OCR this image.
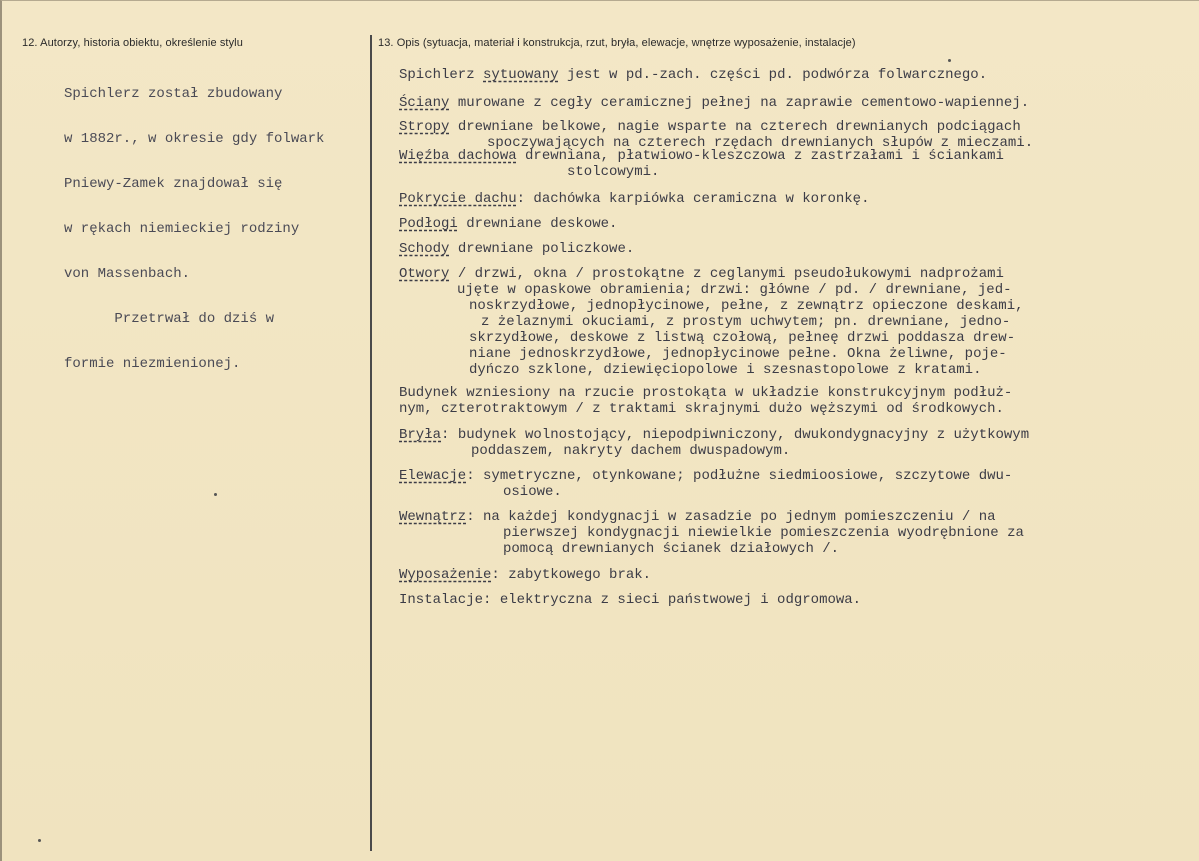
12. Autorzy, historia obiektu, określenie stylu	13. Opis (sytuacja, materiał i konstrukcja, rzut, bryła, elewacje, wnętrze wyposażenie, instalacje)

Spichlerz został zbudowany

w 1882r., w okresie gdy folwark

Pniewy-Zamek znajdował się

w rękach niemieckiej rodziny

von Massenbach.

Przetrwał do dziś w

formie niezmienionej.

Spichlerz sytuowany jest w pd.-zach. części pd. podwórza folwarcznego.
Ściany murowane z cegły ceramicznej pełnej na zaprawie cementowo-wapiennej.
Stropy drewniane belkowe, nagie wsparte na czterech drewnianych podciągach
spoczywających na czterech rzędach drewnianych słupów z mieczami.
Więźba dachowa drewniana, płatwiowo-kleszczowa z zastrzałami i ściankami
stolcowymi.
Pokrycie dachu: dachówka karpiówka ceramiczna w koronkę.
Podłogi drewniane deskowe.
Schody drewniane policzkowe.
Otwory / drzwi, okna / prostokątne z ceglanymi pseudołukowymi nadprożami
ujęte w opaskowe obramienia; drzwi: główne / pd. / drewniane, jed-
noskrzydłowe, jednopłycinowe, pełne, z zewnątrz opieczone deskami,
z żelaznymi okuciami, z prostym uchwytem; pn. drewniane, jedno-
skrzydłowe, deskowe z listwą czołową, pełneę drzwi poddasza drew-
niane jednoskrzydłowe, jednopłycinowe pełne. Okna żeliwne, poje-
dyńczo szklone, dziewięciopolowe i szesnastopolowe z kratami.
Budynek wzniesiony na rzucie prostokąta w układzie konstrukcyjnym podłuż-
nym, czterotraktowym / z traktami skrajnymi dużo węższymi od środkowych.
Bryła: budynek wolnostojący, niepodpiwniczony, dwukondygnacyjny z użytkowym
poddaszem, nakryty dachem dwuspadowym.
Elewacje: symetryczne, otynkowane; podłużne siedmioosiowe, szczytowe dwu-
osiowe.
Wewnątrz: na każdej kondygnacji w zasadzie po jednym pomieszczeniu / na
pierwszej kondygnacji niewielkie pomieszczenia wyodrębnione za
pomocą drewnianych ścianek działowych /.
Wyposażenie: zabytkowego brak.
Instalacje: elektryczna z sieci państwowej i odgromowa.
